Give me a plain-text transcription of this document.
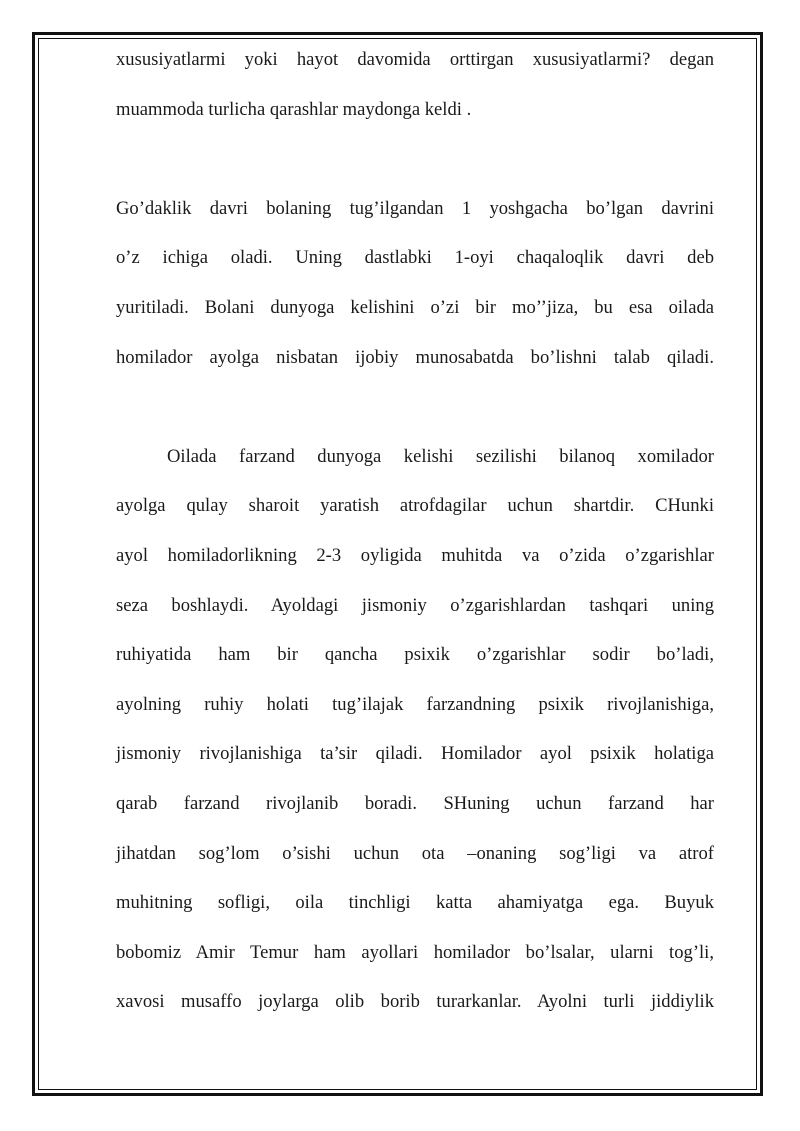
xususiyatlarmi yoki hayot davomida orttirgan xususiyatlarmi? degan
muammoda turlicha qarashlar maydonga keldi .
Go’daklik davri bolaning tug’ilgandan 1 yoshgacha bo’lgan davrini
o’z ichiga oladi. Uning dastlabki 1-oyi chaqaloqlik davri deb
yuritiladi. Bolani dunyoga kelishini o’zi bir mo’’jiza, bu esa oilada
homilador ayolga nisbatan ijobiy munosabatda bo’lishni talab qiladi.
Oilada farzand dunyoga kelishi sezilishi bilanoq xomilador
ayolga qulay sharoit yaratish atrofdagilar uchun shartdir. CHunki
ayol homiladorlikning 2-3 oyligida muhitda va o’zida o’zgarishlar
seza boshlaydi. Ayoldagi jismoniy o’zgarishlardan tashqari uning
ruhiyatida ham bir qancha psixik o’zgarishlar sodir bo’ladi,
ayolning ruhiy holati tug’ilajak farzandning psixik rivojlanishiga,
jismoniy rivojlanishiga ta’sir qiladi. Homilador ayol psixik holatiga
qarab farzand rivojlanib boradi. SHuning uchun farzand har
jihatdan sog’lom o’sishi uchun ota –onaning sog’ligi va atrof
muhitning sofligi, oila tinchligi katta ahamiyatga ega. Buyuk
bobomiz Amir Temur ham ayollari homilador bo’lsalar, ularni tog’li,
xavosi musaffo joylarga olib borib turarkanlar. Ayolni turli jiddiylik
